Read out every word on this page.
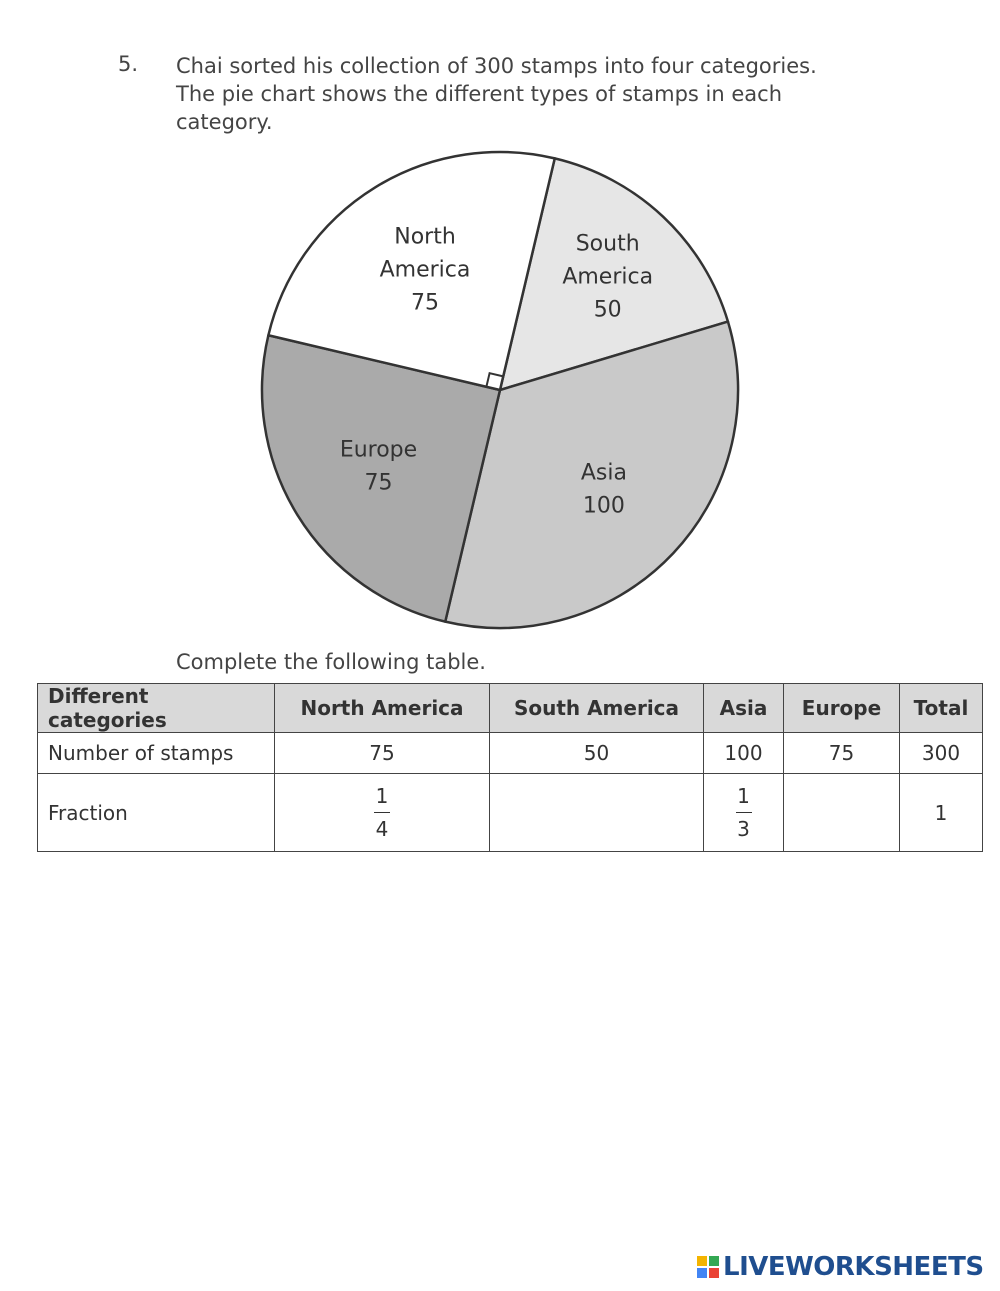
5. Chai sorted his collection of 300 stamps into four categories.
The pie chart shows the different types of stamps in each
category.
South America 50
Asia 100
Europe 75
North America 75
Complete the following table.
Different categories	North America	South America	Asia	Europe	Total
Number of stamps	75	50	100	75	300
Fraction	$\frac{1}{4}$		$\frac{1}{3}$		1
LIVEWORKSHEETS
